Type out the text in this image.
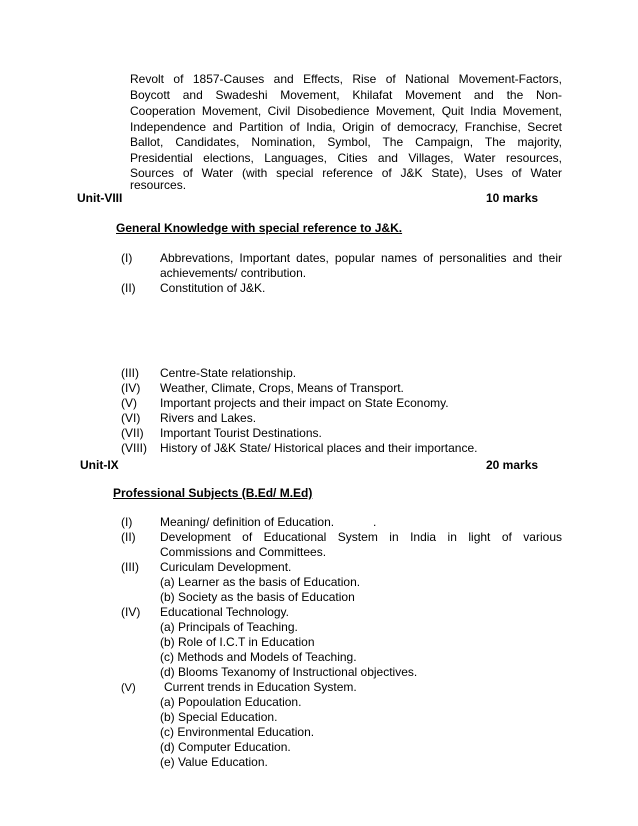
Revolt of 1857-Causes and Effects, Rise of National Movement-Factors,
Boycott and Swadeshi Movement, Khilafat Movement and the Non-
Cooperation Movement, Civil Disobedience Movement, Quit India Movement,
Independence and Partition of India, Origin of democracy, Franchise, Secret
Ballot, Candidates, Nomination, Symbol, The Campaign, The majority,
Presidential elections, Languages, Cities and Villages, Water resources,
Sources of Water (with special reference of J&K State), Uses of Water
resources.
Unit-VIII	10 marks
General Knowledge with special reference to J&K.
(I) Abbrevations, Important dates, popular names of personalities and their
achievements/ contribution.
(II) Constitution of J&K.
(III) Centre-State relationship.
(IV) Weather, Climate, Crops, Means of Transport.
(V) Important projects and their impact on State Economy.
(VI) Rivers and Lakes.
(VII) Important Tourist Destinations.
(VIII) History of J&K State/ Historical places and their importance.
Unit-IX	20 marks
Professional Subjects (B.Ed/ M.Ed)
(I) Meaning/ definition of Education.	.
(II) Development of Educational System in India in light of various
Commissions and Committees.
(III) Curiculam Development.
(a) Learner as the basis of Education.
(b) Society as the basis of Education
(IV) Educational Technology.
(a) Principals of Teaching.
(b) Role of I.C.T in Education
(c) Methods and Models of Teaching.
(d) Blooms Texanomy of Instructional objectives.
(V) Current trends in Education System.
(a) Popoulation Education.
(b) Special Education.
(c) Environmental Education.
(d) Computer Education.
(e) Value Education.
